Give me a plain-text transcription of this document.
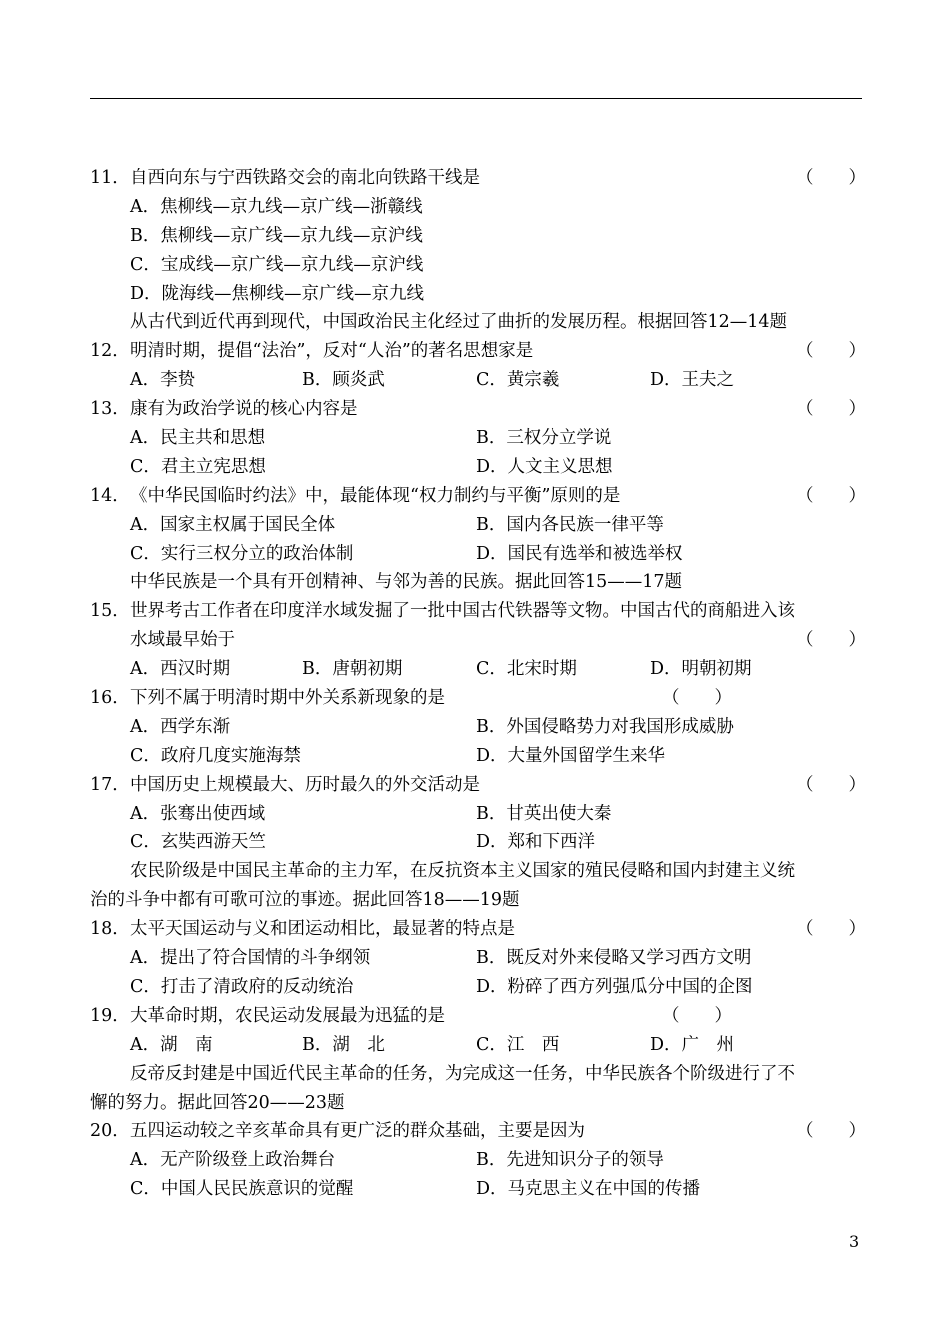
11． 自西向东与宁西铁路交会的南北向铁路干线是	（　　）
A．焦柳线—京九线—京广线—浙赣线
B．焦柳线—京广线—京九线—京沪线
C．宝成线—京广线—京九线—京沪线
D．陇海线—焦柳线—京广线—京九线
从古代到近代再到现代，中国政治民主化经过了曲折的发展历程。根据回答12—14题
12． 明清时期，提倡“法治”，反对“人治”的著名思想家是	（　　）
A．李贽	B．顾炎武	C．黄宗羲	D．王夫之
13． 康有为政治学说的核心内容是	（　　）
A．民主共和思想	B．三权分立学说
C．君主立宪思想	D．人文主义思想
14． 《中华民国临时约法》中，最能体现“权力制约与平衡”原则的是	（　　）
A．国家主权属于国民全体	B．国内各民族一律平等
C．实行三权分立的政治体制	D．国民有选举和被选举权
中华民族是一个具有开创精神、与邻为善的民族。据此回答15——17题
15． 世界考古工作者在印度洋水域发掘了一批中国古代铁器等文物。中国古代的商船进入该
水域最早始于	（　　）
A．西汉时期	B．唐朝初期	C．北宋时期	D．明朝初期
16． 下列不属于明清时期中外关系新现象的是	（　　）
A．西学东渐	B．外国侵略势力对我国形成威胁
C．政府几度实施海禁	D．大量外国留学生来华
17． 中国历史上规模最大、历时最久的外交活动是	（　　）
A．张骞出使西域	B．甘英出使大秦
C．玄奘西游天竺	D．郑和下西洋
农民阶级是中国民主革命的主力军，在反抗资本主义国家的殖民侵略和国内封建主义统
治的斗争中都有可歌可泣的事迹。据此回答18——19题
18． 太平天国运动与义和团运动相比，最显著的特点是	（　　）
A．提出了符合国情的斗争纲领	B．既反对外来侵略又学习西方文明
C．打击了清政府的反动统治	D．粉碎了西方列强瓜分中国的企图
19． 大革命时期，农民运动发展最为迅猛的是	（　　）
A．湖　南	B．湖　北	C．江　西	D．广　州
反帝反封建是中国近代民主革命的任务，为完成这一任务，中华民族各个阶级进行了不
懈的努力。据此回答20——23题
20． 五四运动较之辛亥革命具有更广泛的群众基础，主要是因为	（　　）
A．无产阶级登上政治舞台	B．先进知识分子的领导
C．中国人民民族意识的觉醒	D．马克思主义在中国的传播
3
